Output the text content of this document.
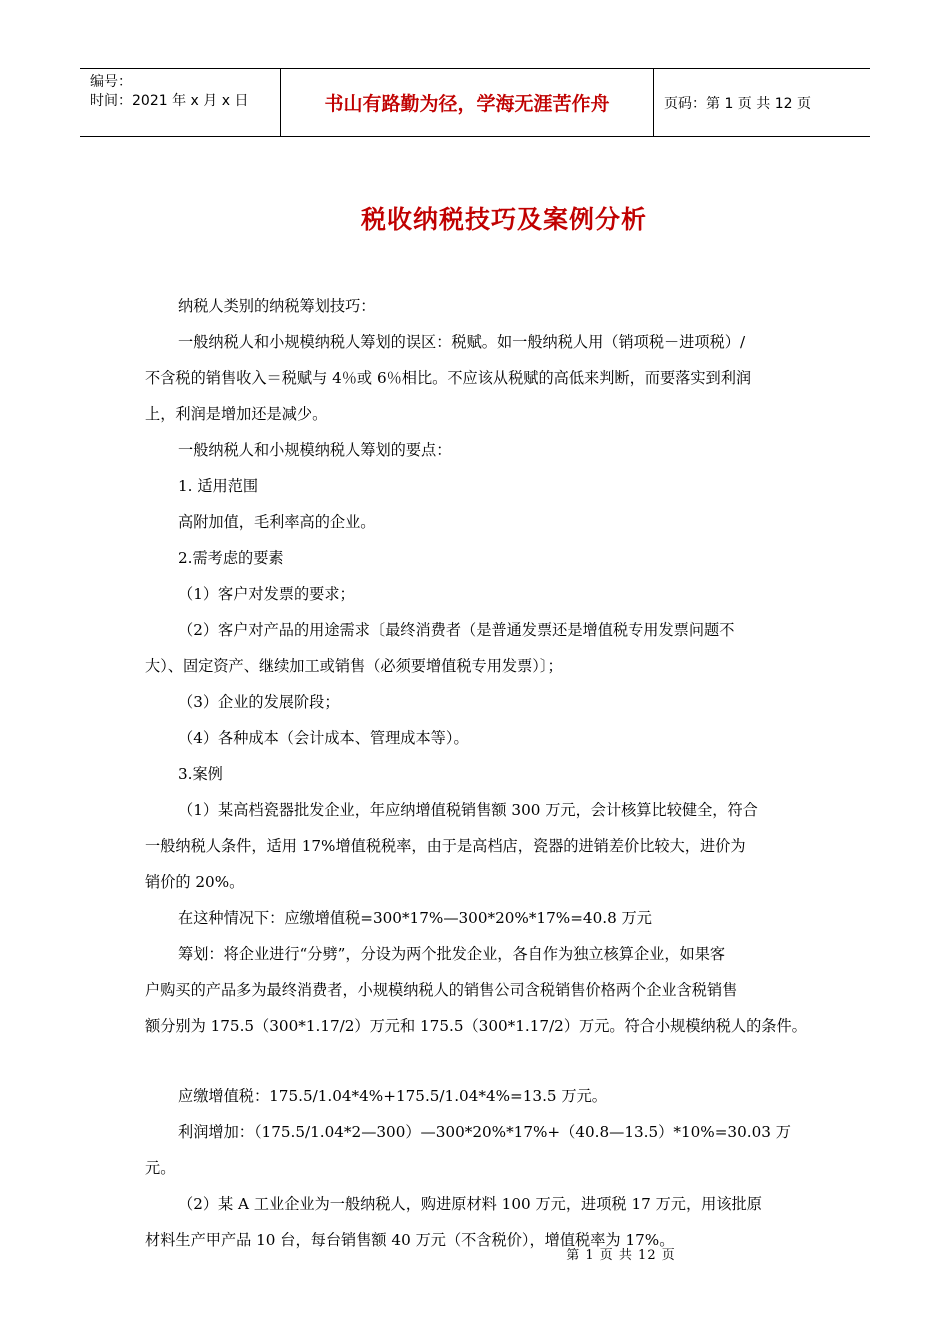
编号：
时间：2021 年 x 月 x 日	书山有路勤为径，学海无涯苦作舟	页码：第 1 页 共 12 页
税收纳税技巧及案例分析

纳税人类别的纳税筹划技巧：

一般纳税人和小规模纳税人筹划的误区：税赋。如一般纳税人用（销项税－进项税）/

不含税的销售收入＝税赋与 4％或 6％相比。不应该从税赋的高低来判断，而要落实到利润

上，利润是增加还是减少。

一般纳税人和小规模纳税人筹划的要点：

1. 适用范围

高附加值，毛利率高的企业。

2.需考虑的要素

（1）客户对发票的要求；

（2）客户对产品的用途需求〔最终消费者（是普通发票还是增值税专用发票问题不

大）、固定资产、继续加工或销售（必须要增值税专用发票）〕；

（3）企业的发展阶段；

（4）各种成本（会计成本、管理成本等）。

3.案例

（1）某高档瓷器批发企业，年应纳增值税销售额 300 万元，会计核算比较健全，符合

一般纳税人条件，适用 17%增值税税率，由于是高档店，瓷器的进销差价比较大，进价为

销价的 20%。

在这种情况下：应缴增值税=300*17%—300*20%*17%=40.8 万元

筹划：将企业进行“分劈”，分设为两个批发企业，各自作为独立核算企业，如果客

户购买的产品多为最终消费者，小规模纳税人的销售公司含税销售价格两个企业含税销售

额分别为 175.5（300*1.17/2）万元和 175.5（300*1.17/2）万元。符合小规模纳税人的条件。

应缴增值税：175.5/1.04*4%+175.5/1.04*4%=13.5 万元。

利润增加：（175.5/1.04*2—300）—300*20%*17%+（40.8—13.5）*10%=30.03 万元。

（2）某 A 工业企业为一般纳税人，购进原材料 100 万元，进项税 17 万元，用该批原

材料生产甲产品 10 台，每台销售额 40 万元（不含税价），增值税率为 17%。

第 1 页 共 12 页
